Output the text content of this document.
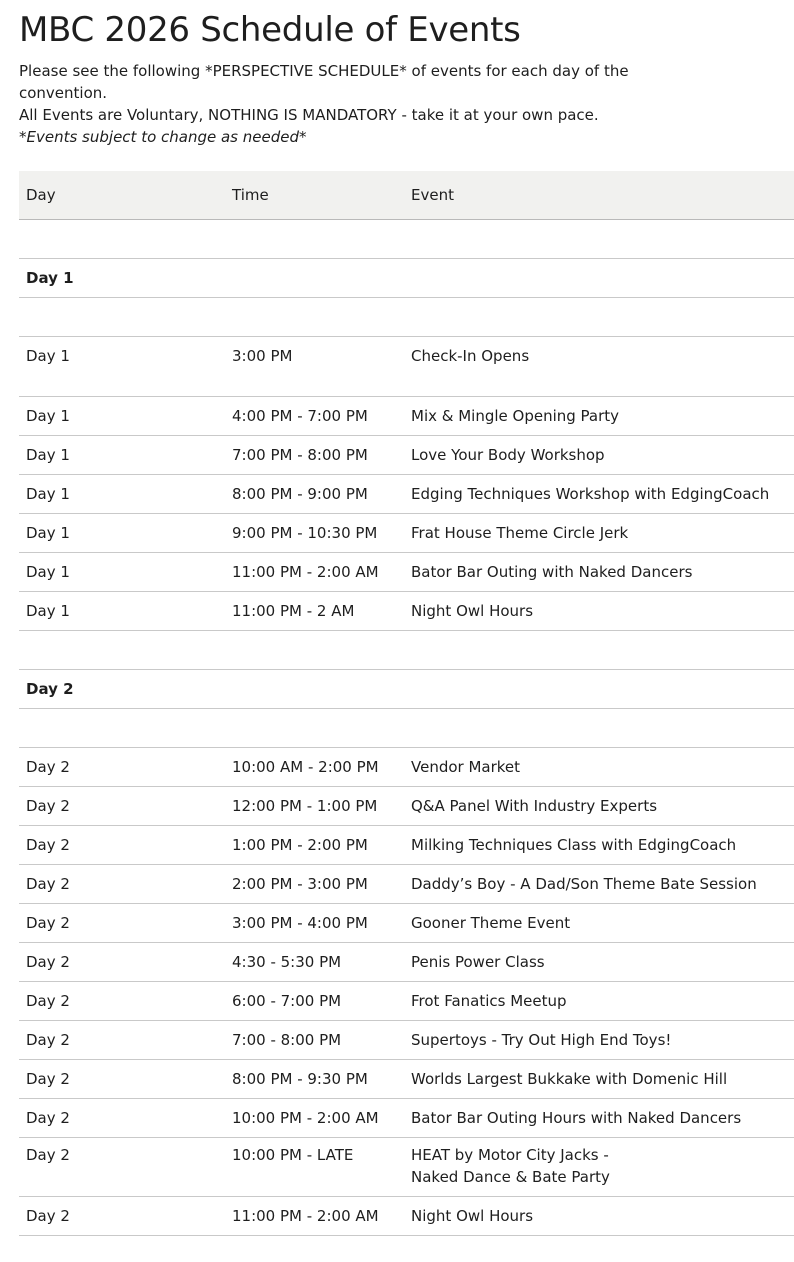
MBC 2026 Schedule of Events

Please see the following *PERSPECTIVE SCHEDULE* of events for each day of the convention.

All Events are Voluntary, NOTHING IS MANDATORY - take it at your own pace.

*Events subject to change as needed*

Day	Time	Event

Day 1		

Day 1	3:00 PM	Check-In Opens
Day 1	4:00 PM - 7:00 PM	Mix & Mingle Opening Party
Day 1	7:00 PM - 8:00 PM	Love Your Body Workshop
Day 1	8:00 PM - 9:00 PM	Edging Techniques Workshop with EdgingCoach
Day 1	9:00 PM - 10:30 PM	Frat House Theme Circle Jerk
Day 1	11:00 PM - 2:00 AM	Bator Bar Outing with Naked Dancers
Day 1	11:00 PM - 2 AM	Night Owl Hours

Day 2		

Day 2	10:00 AM - 2:00 PM	Vendor Market
Day 2	12:00 PM - 1:00 PM	Q&A Panel With Industry Experts
Day 2	1:00 PM - 2:00 PM	Milking Techniques Class with EdgingCoach
Day 2	2:00 PM - 3:00 PM	Daddy’s Boy - A Dad/Son Theme Bate Session
Day 2	3:00 PM - 4:00 PM	Gooner Theme Event
Day 2	4:30 - 5:30 PM	Penis Power Class
Day 2	6:00 - 7:00 PM	Frot Fanatics Meetup
Day 2	7:00 - 8:00 PM	Supertoys - Try Out High End Toys!
Day 2	8:00 PM - 9:30 PM	Worlds Largest Bukkake with Domenic Hill
Day 2	10:00 PM - 2:00 AM	Bator Bar Outing Hours with Naked Dancers
Day 2	10:00 PM - LATE	HEAT by Motor City Jacks -
Naked Dance & Bate Party

Day 2	11:00 PM - 2:00 AM	Night Owl Hours
